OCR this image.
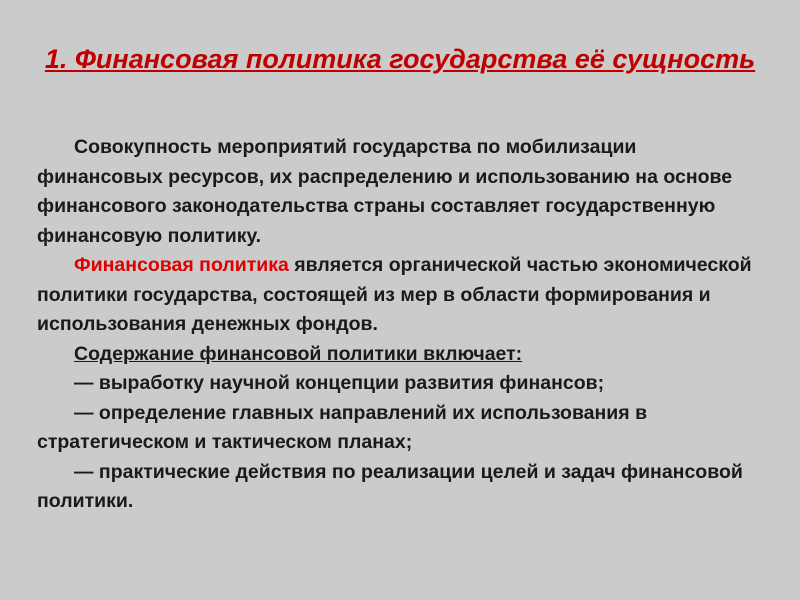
1. Финансовая политика государства её сущность

Совокупность мероприятий государства по мобилизации финансовых ресурсов, их распределению и использованию на основе финансового законодательства страны составляет государственную финансовую политику.

Финансовая политика является органической частью экономической политики государства, состоящей из мер в области формирования и использования денежных фондов.

Содержание финансовой политики включает:

— выработку научной концепции развития финансов;

— определение главных направлений их использования в стратегическом и тактическом планах;

— практические действия по реализации целей и задач финансовой политики.
